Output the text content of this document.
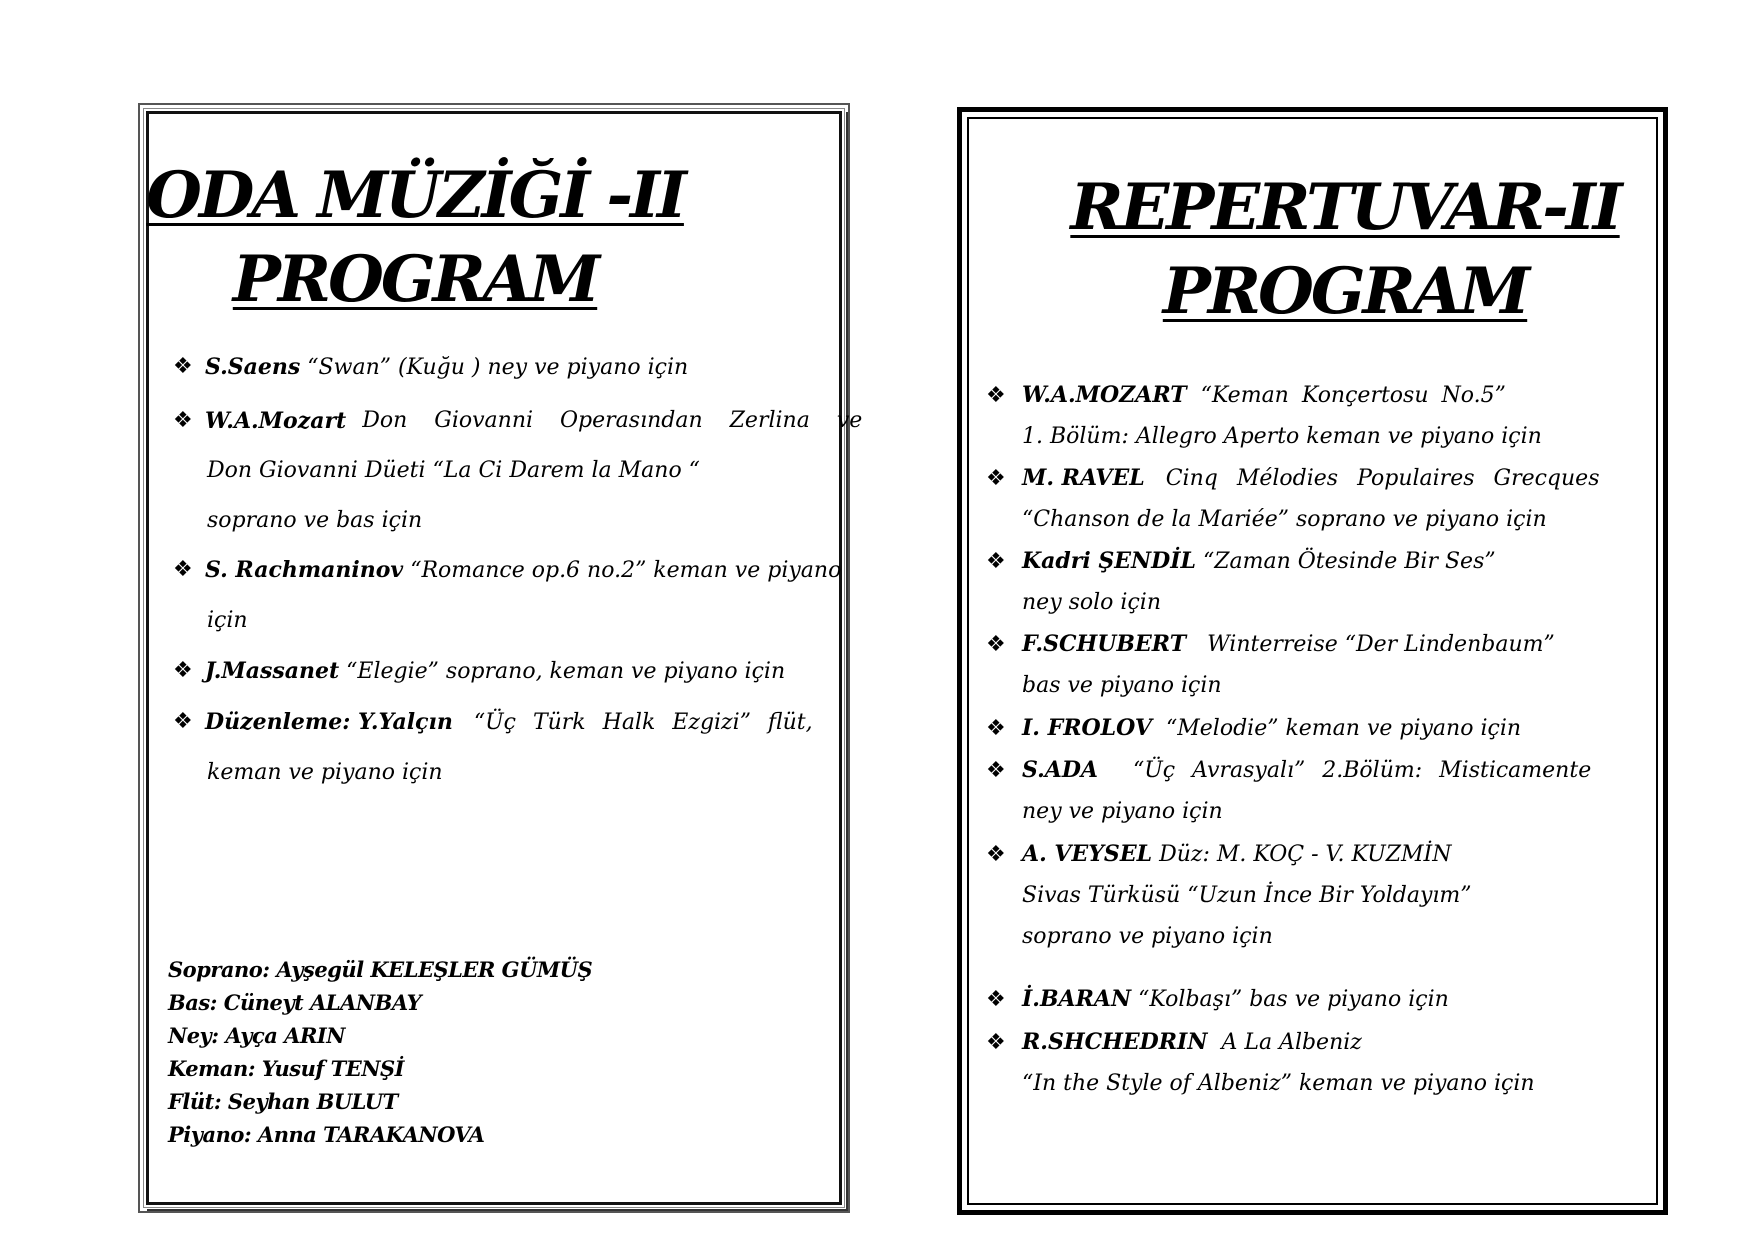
ODA MÜZİĞİ -II
PROGRAM
REPERTUVAR-II
PROGRAM
❖ S.Saens “Swan” (Kuğu ) ney ve piyano için
❖ W.A.Mozart Don Giovanni Operasından Zerlina ve
Don Giovanni Düeti “La Ci Darem la Mano “
soprano ve bas için
❖ S. Rachmaninov “Romance op.6 no.2” keman ve piyano
için
❖ J.Massanet “Elegie” soprano, keman ve piyano için
❖ Düzenleme: Y.Yalçın “Üç Türk Halk Ezgizi” flüt,
keman ve piyano için
Soprano: Ayşegül KELEŞLER GÜMÜŞ
Bas: Cüneyt ALANBAY
Ney: Ayça ARIN
Keman: Yusuf TENŞİ
Flüt: Seyhan BULUT
Piyano: Anna TARAKANOVA
❖ W.A.MOZART “Keman Konçertosu No.5”
1. Bölüm: Allegro Aperto keman ve piyano için
❖ M. RAVEL Cinq Mélodies Populaires Grecques
“Chanson de la Mariée” soprano ve piyano için
❖ Kadri ŞENDİL “Zaman Ötesinde Bir Ses”
ney solo için
❖ F.SCHUBERT Winterreise “Der Lindenbaum”
bas ve piyano için
❖ I. FROLOV “Melodie” keman ve piyano için
❖ S.ADA “Üç Avrasyalı” 2.Bölüm: Misticamente
ney ve piyano için
❖ A. VEYSEL Düz: M. KOÇ - V. KUZMİN
Sivas Türküsü “Uzun İnce Bir Yoldayım”
soprano ve piyano için
❖ İ.BARAN “Kolbaşı” bas ve piyano için
❖ R.SHCHEDRIN A La Albeniz
“In the Style of Albeniz” keman ve piyano için
